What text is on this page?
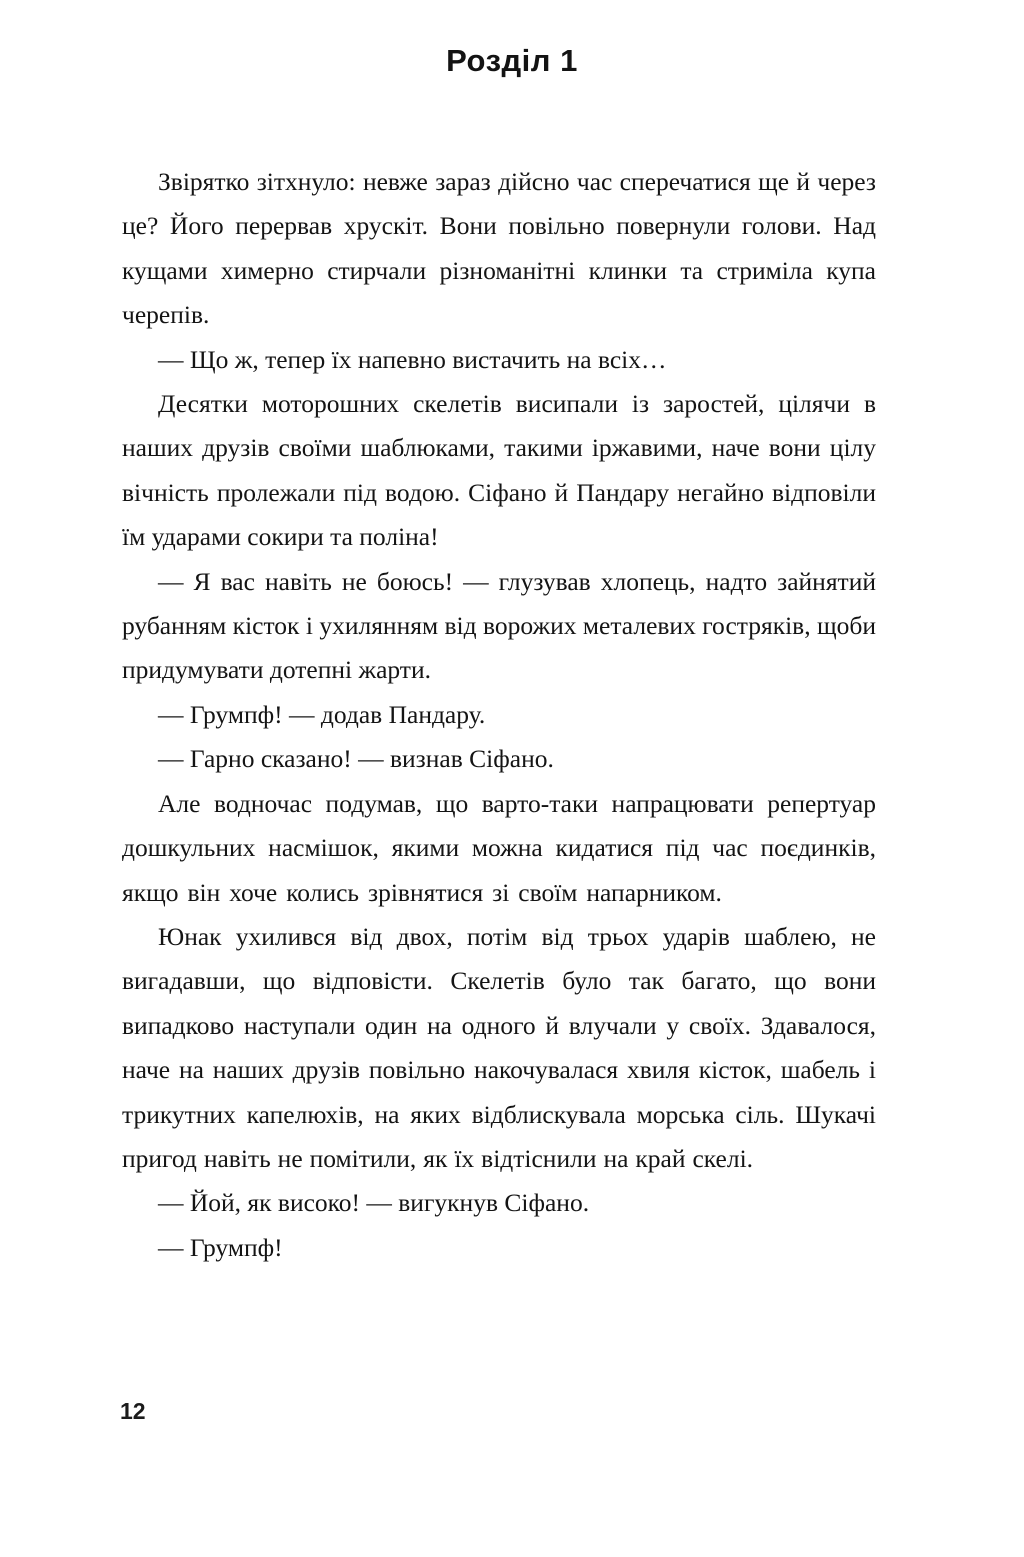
Розділ 1

Звірятко зітхнуло: невже зараз дійсно час сперечатися ще й через це? Його перервав хрускіт. Вони повільно повернули голови. Над кущами химерно стирчали різноманітні клинки та стриміла купа черепів.

— Що ж, тепер їх напевно вистачить на всіх…

Десятки моторошних скелетів висипали із заростей, цілячи в наших друзів своїми шаблюками, такими іржавими, наче вони цілу вічність пролежали під водою. Сіфано й Пандару негайно відповіли їм ударами сокири та поліна!

— Я вас навіть не боюсь! — глузував хлопець, надто зайнятий рубанням кісток і ухилянням від ворожих металевих гостряків, щоби придумувати дотепні жарти.

— Грумпф! — додав Пандару.

— Гарно сказано! — визнав Сіфано.

Але водночас подумав, що варто-таки напрацювати репертуар дошкульних насмішок, якими можна кидатися під час поєдинків, якщо він хоче колись зрівнятися зі своїм напарником.

Юнак ухилився від двох, потім від трьох ударів шаблею, не вигадавши, що відповісти. Скелетів було так багато, що вони випадково наступали один на одного й влучали у своїх. Здавалося, наче на наших друзів повільно накочувалася хвиля кісток, шабель і трикутних капелюхів, на яких відблискувала морська сіль. Шукачі пригод навіть не помітили, як їх відтіснили на край скелі.

— Йой, як високо! — вигукнув Сіфано.

— Грумпф!

12
